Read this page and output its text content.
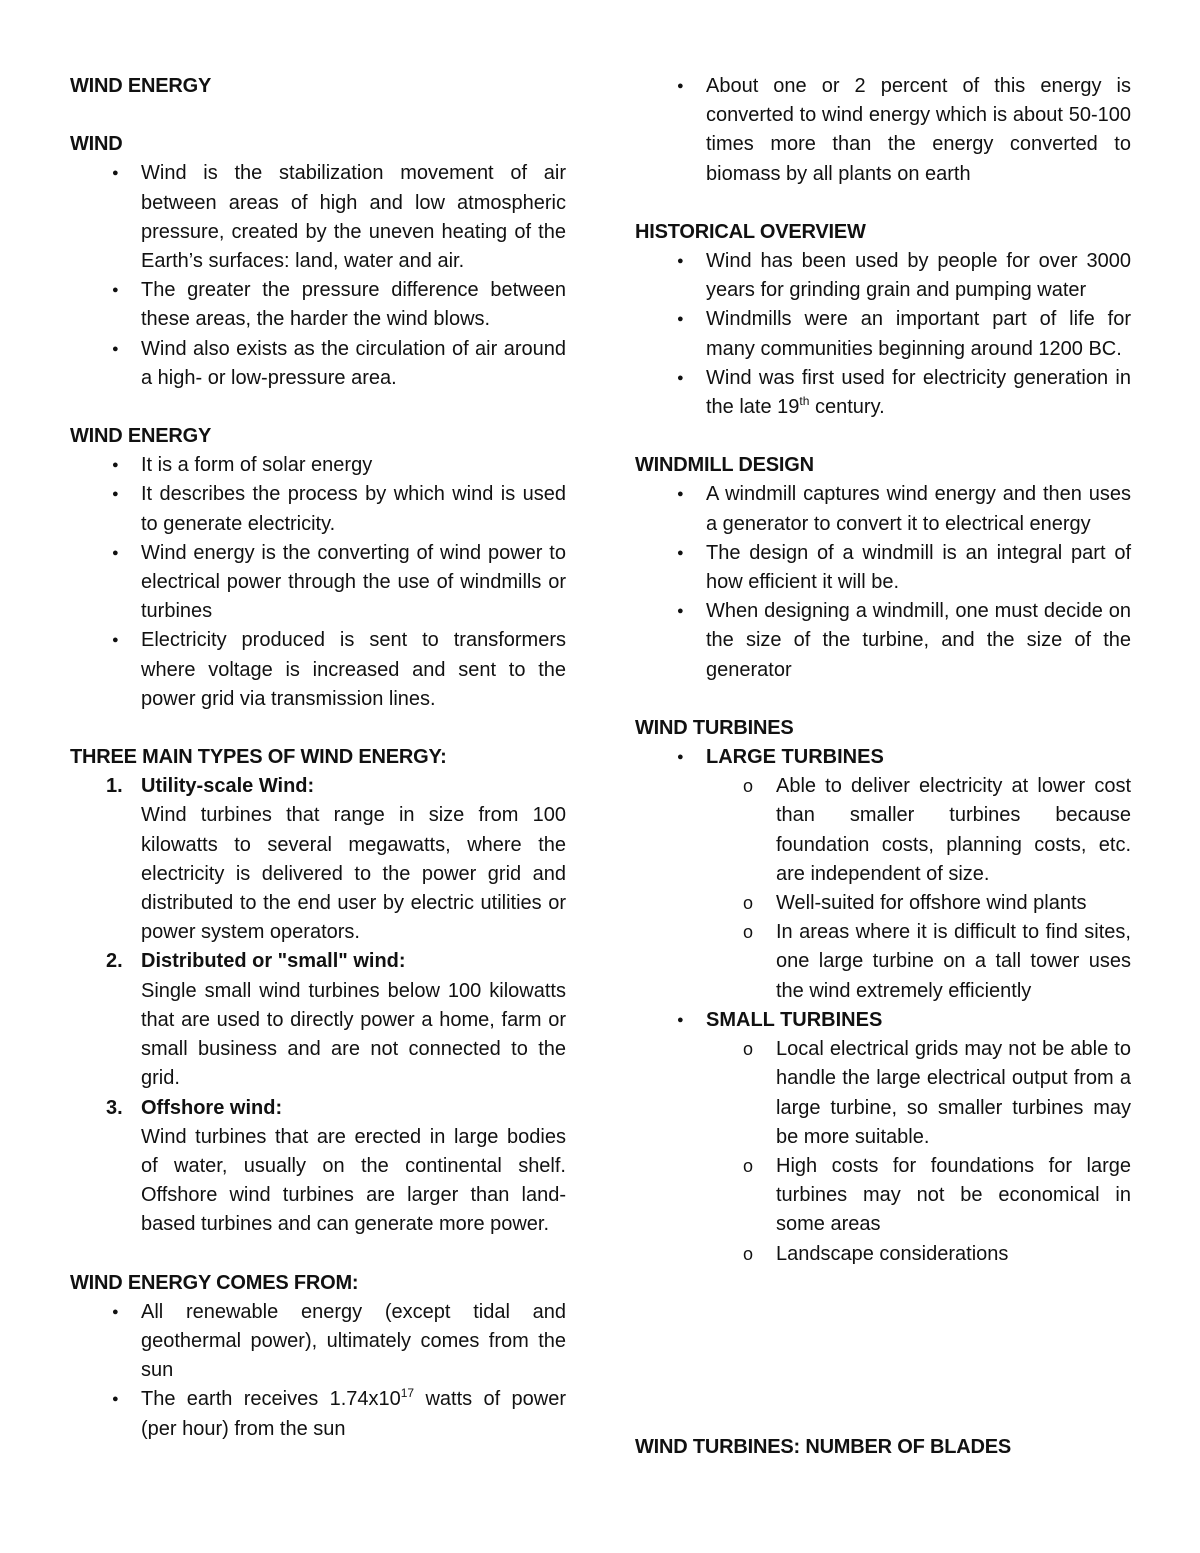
WIND ENERGY
WIND
● Wind is the stabilization movement of air between areas of high and low atmospheric pressure, created by the uneven heating of the Earth’s surfaces: land, water and air.
● The greater the pressure difference between these areas, the harder the wind blows.
● Wind also exists as the circulation of air around a high- or low-pressure area.
WIND ENERGY
● It is a form of solar energy
● It describes the process by which wind is used to generate electricity.
● Wind energy is the converting of wind power to electrical power through the use of windmills or turbines
● Electricity produced is sent to transformers where voltage is increased and sent to the power grid via transmission lines.
THREE MAIN TYPES OF WIND ENERGY:
1. Utility-scale Wind:
Wind turbines that range in size from 100 kilowatts to several megawatts, where the electricity is delivered to the power grid and distributed to the end user by electric utilities or power system operators.
2. Distributed or "small" wind:
Single small wind turbines below 100 kilowatts that are used to directly power a home, farm or small business and are not connected to the grid.
3. Offshore wind:
Wind turbines that are erected in large bodies of water, usually on the continental shelf. Offshore wind turbines are larger than land-based turbines and can generate more power.
WIND ENERGY COMES FROM:
● All renewable energy (except tidal and geothermal power), ultimately comes from the sun
● The earth receives $1.74x10^{17}$ watts of power (per hour) from the sun
● About one or 2 percent of this energy is converted to wind energy which is about 50-100 times more than the energy converted to biomass by all plants on earth
HISTORICAL OVERVIEW
● Wind has been used by people for over 3000 years for grinding grain and pumping water
● Windmills were an important part of life for many communities beginning around 1200 BC.
● Wind was first used for electricity generation in the late 19th century.
WINDMILL DESIGN
● A windmill captures wind energy and then uses a generator to convert it to electrical energy
● The design of a windmill is an integral part of how efficient it will be.
● When designing a windmill, one must decide on the size of the turbine, and the size of the generator
WIND TURBINES
● LARGE TURBINES
o Able to deliver electricity at lower cost than smaller turbines because foundation costs, planning costs, etc. are independent of size.
o Well-suited for offshore wind plants
o In areas where it is difficult to find sites, one large turbine on a tall tower uses the wind extremely efficiently
● SMALL TURBINES
o Local electrical grids may not be able to handle the large electrical output from a large turbine, so smaller turbines may be more suitable.
o High costs for foundations for large turbines may not be economical in some areas
o Landscape considerations
WIND TURBINES: NUMBER OF BLADES
